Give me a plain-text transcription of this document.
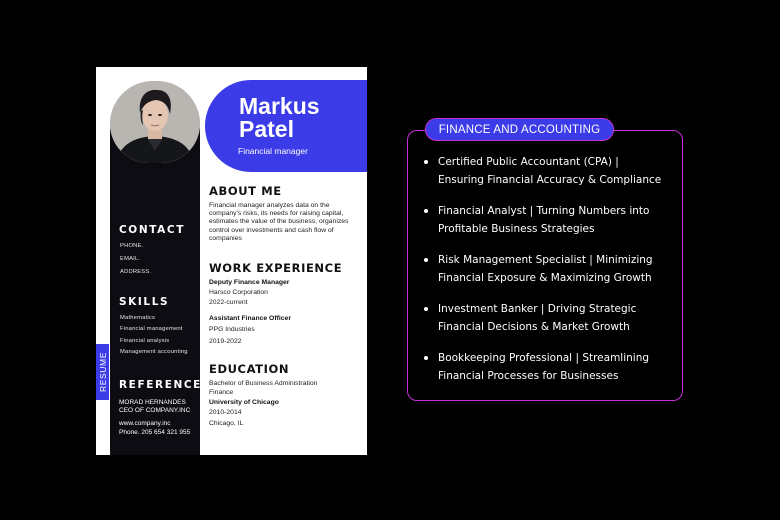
CONTACT
PHONE.
EMAIL.
ADDRESS.
SKILLS
Mathematics
Financial management
Financial analysis
Management accounting
REFERENCE
MORAD HERNANDES
CEO OF COMPANY.INC
www.company.inc
Phone. 205 654 321 955
RESUME
Markus
Patel
Financial manager
ABOUT ME
Financial manager analyzes data on the company's risks, its needs for raising capital, estimates the value of the business, organizes control over investments and cash flow of companies
WORK EXPERIENCE
Deputy Finance Manager
Harsco Corporation
2022-current
Assistant Finance Officer
PPG Industries
2019-2022
EDUCATION
Bachelor of Business Administration
Finance
University of Chicago
2010-2014
Chicago, IL
FINANCE AND ACCOUNTING
Certified Public Accountant (CPA) |
Ensuring Financial Accuracy & Compliance
Financial Analyst | Turning Numbers into
Profitable Business Strategies
Risk Management Specialist | Minimizing
Financial Exposure & Maximizing Growth
Investment Banker | Driving Strategic
Financial Decisions & Market Growth
Bookkeeping Professional | Streamlining
Financial Processes for Businesses
